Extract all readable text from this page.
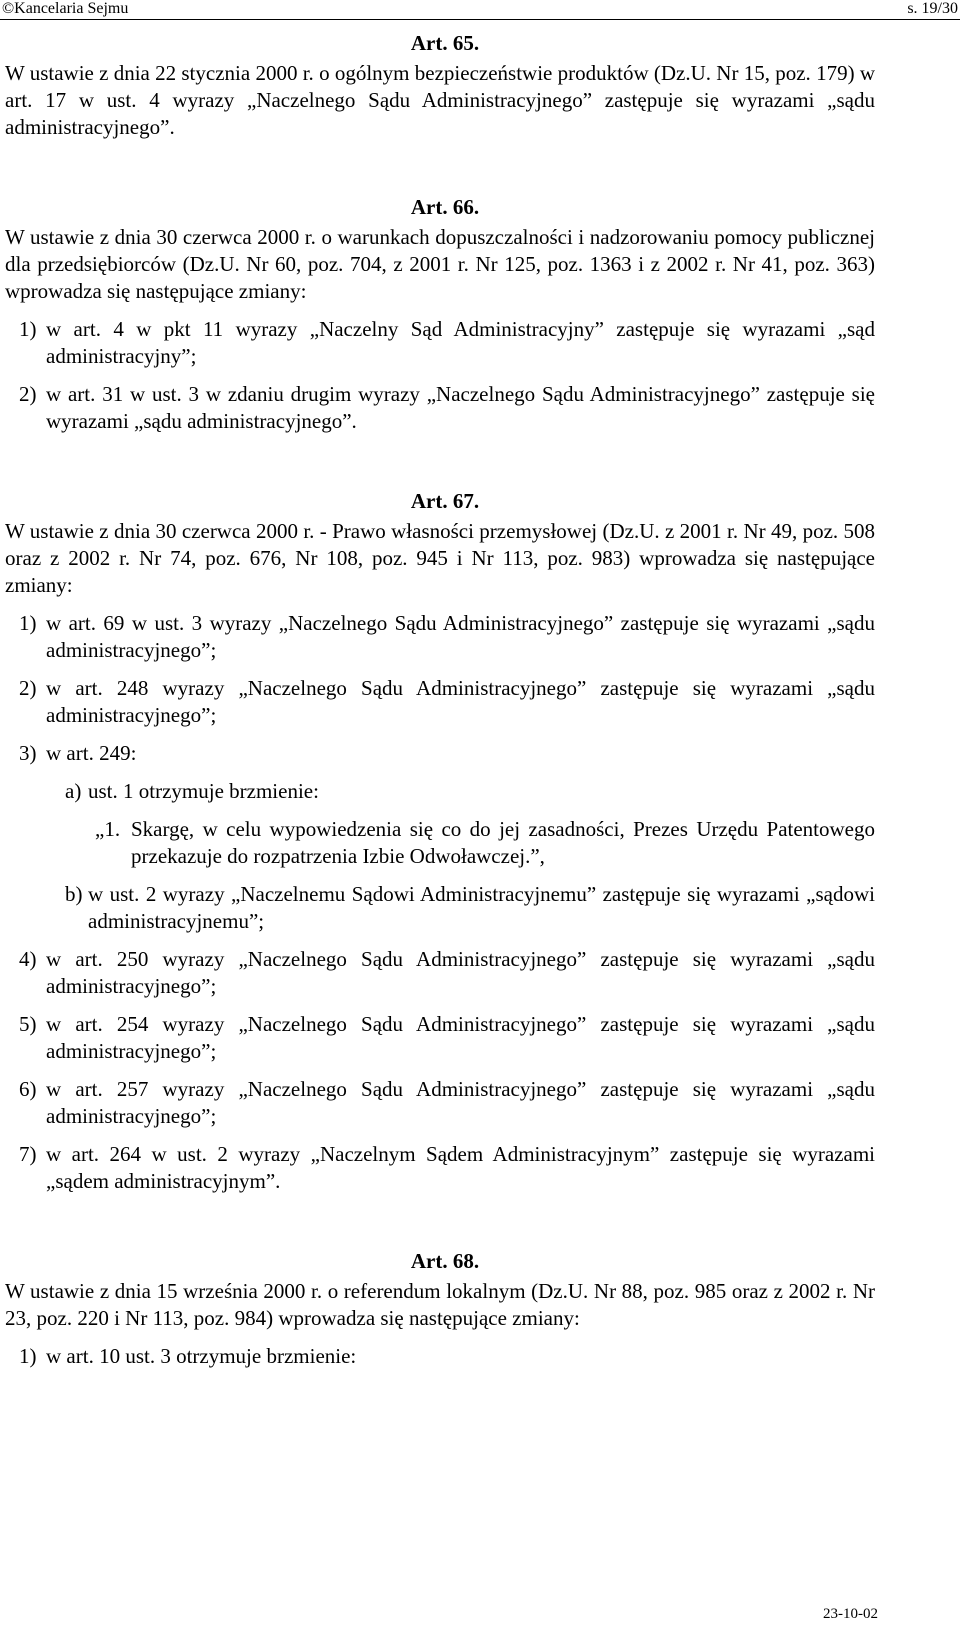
©Kancelaria Sejmu	s. 19/30

Art. 65.

W ustawie z dnia 22 stycznia 2000 r. o ogólnym bezpieczeństwie produktów (Dz.U. Nr 15, poz. 179) w art. 17 w ust. 4 wyrazy „Naczelnego Sądu Administracyjnego” zastępuje się wyrazami „sądu administracyjnego”.

Art. 66.

W ustawie z dnia 30 czerwca 2000 r. o warunkach dopuszczalności i nadzorowaniu pomocy publicznej dla przedsiębiorców (Dz.U. Nr 60, poz. 704, z 2001 r. Nr 125, poz. 1363 i z 2002 r. Nr 41, poz. 363) wprowadza się następujące zmiany:

1) w art. 4 w pkt 11 wyrazy „Naczelny Sąd Administracyjny” zastępuje się wyrazami „sąd administracyjny”;
2) w art. 31 w ust. 3 w zdaniu drugim wyrazy „Naczelnego Sądu Administracyjnego” zastępuje się wyrazami „sądu administracyjnego”.

Art. 67.

W ustawie z dnia 30 czerwca 2000 r. - Prawo własności przemysłowej (Dz.U. z 2001 r. Nr 49, poz. 508 oraz z 2002 r. Nr 74, poz. 676, Nr 108, poz. 945 i Nr 113, poz. 983) wprowadza się następujące zmiany:

1) w art. 69 w ust. 3 wyrazy „Naczelnego Sądu Administracyjnego” zastępuje się wyrazami „sądu administracyjnego”;
2) w art. 248 wyrazy „Naczelnego Sądu Administracyjnego” zastępuje się wyrazami „sądu administracyjnego”;
3) w art. 249:
a) ust. 1 otrzymuje brzmienie:
„1. Skargę, w celu wypowiedzenia się co do jej zasadności, Prezes Urzędu Patentowego przekazuje do rozpatrzenia Izbie Odwoławczej.”,
b) w ust. 2 wyrazy „Naczelnemu Sądowi Administracyjnemu” zastępuje się wyrazami „sądowi administracyjnemu”;
4) w art. 250 wyrazy „Naczelnego Sądu Administracyjnego” zastępuje się wyrazami „sądu administracyjnego”;
5) w art. 254 wyrazy „Naczelnego Sądu Administracyjnego” zastępuje się wyrazami „sądu administracyjnego”;
6) w art. 257 wyrazy „Naczelnego Sądu Administracyjnego” zastępuje się wyrazami „sądu administracyjnego”;
7) w art. 264 w ust. 2 wyrazy „Naczelnym Sądem Administracyjnym” zastępuje się wyrazami „sądem administracyjnym”.

Art. 68.

W ustawie z dnia 15 września 2000 r. o referendum lokalnym (Dz.U. Nr 88, poz. 985 oraz z 2002 r. Nr 23, poz. 220 i Nr 113, poz. 984) wprowadza się następujące zmiany:

1) w art. 10 ust. 3 otrzymuje brzmienie:
23-10-02
